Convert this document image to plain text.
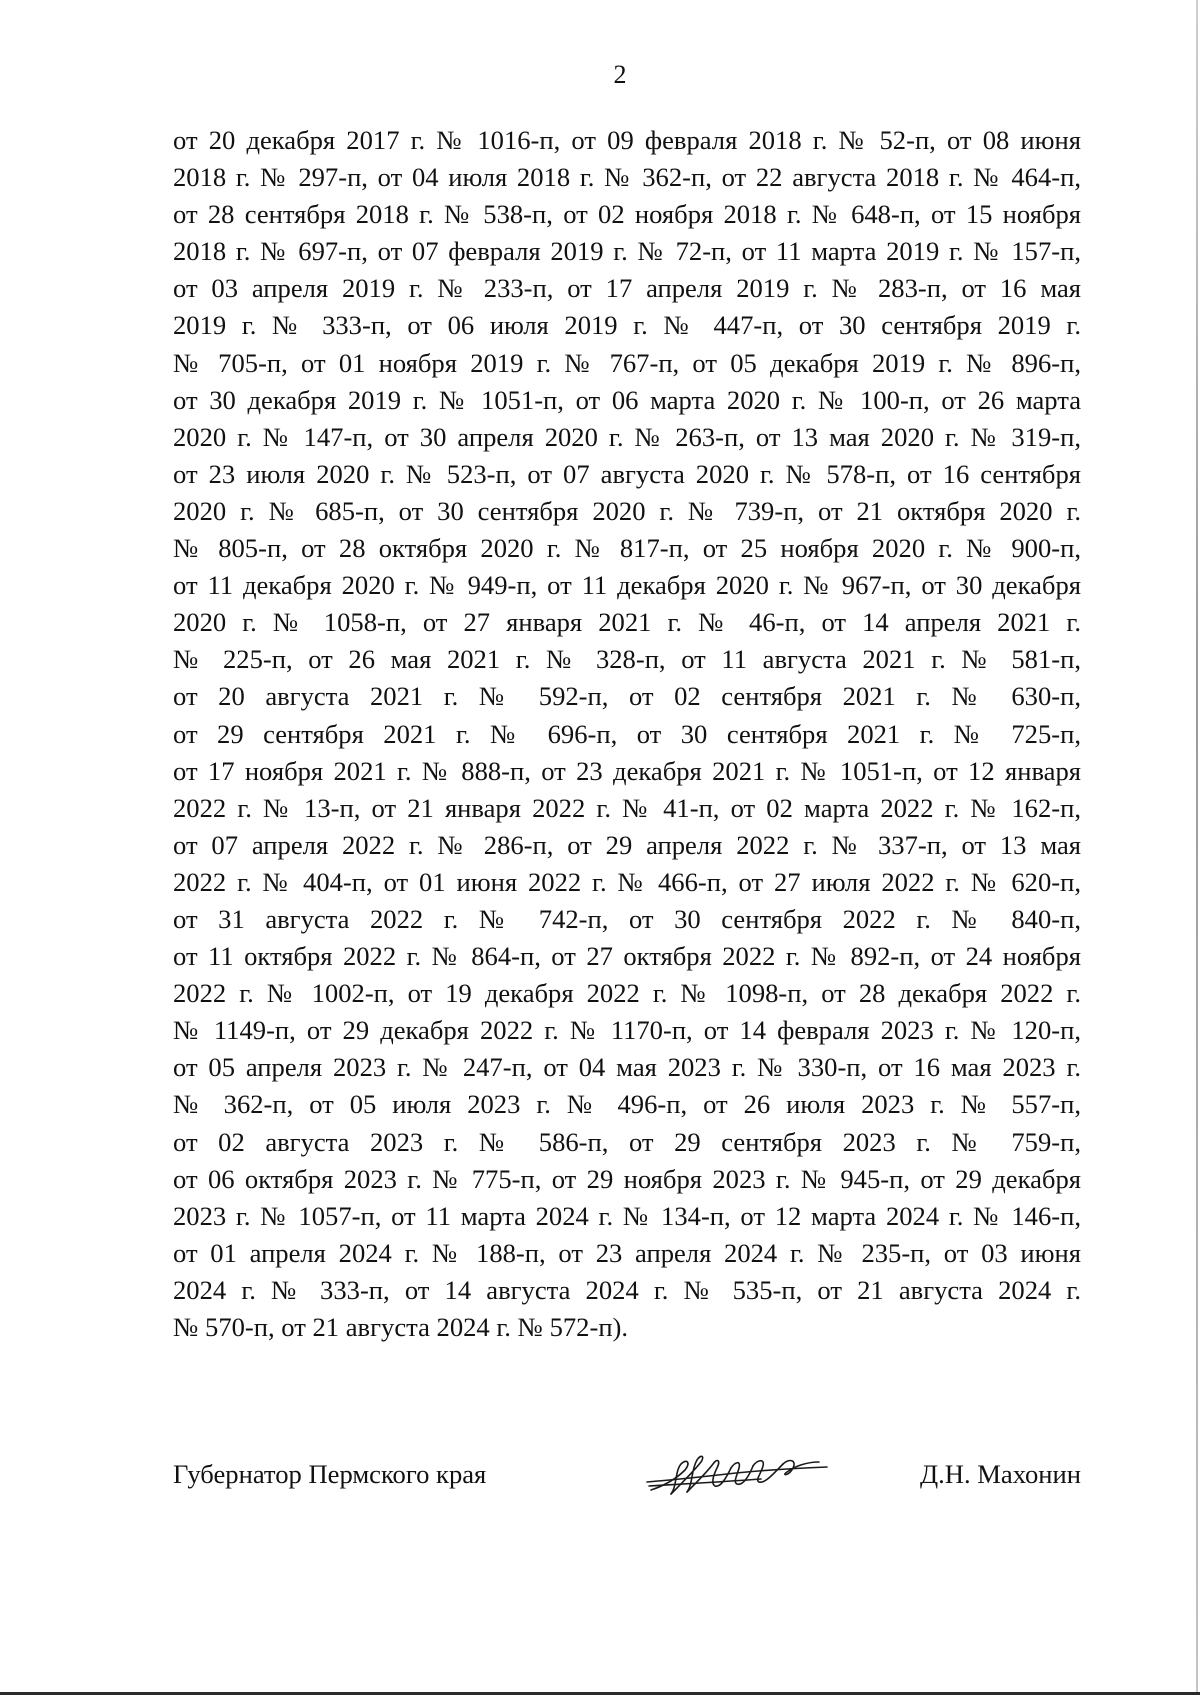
2
от 20 декабря 2017 г. № 1016-п, от 09 февраля 2018 г. № 52-п, от 08 июня
2018 г. № 297-п, от 04 июля 2018 г. № 362-п, от 22 августа 2018 г. № 464-п,
от 28 сентября 2018 г. № 538-п, от 02 ноября 2018 г. № 648-п, от 15 ноября
2018 г. № 697-п, от 07 февраля 2019 г. № 72-п, от 11 марта 2019 г. № 157-п,
от 03 апреля 2019 г. № 233-п, от 17 апреля 2019 г. № 283-п, от 16 мая
2019 г. № 333-п, от 06 июля 2019 г. № 447-п, от 30 сентября 2019 г.
№ 705-п, от 01 ноября 2019 г. № 767-п, от 05 декабря 2019 г. № 896-п,
от 30 декабря 2019 г. № 1051-п, от 06 марта 2020 г. № 100-п, от 26 марта
2020 г. № 147-п, от 30 апреля 2020 г. № 263-п, от 13 мая 2020 г. № 319-п,
от 23 июля 2020 г. № 523-п, от 07 августа 2020 г. № 578-п, от 16 сентября
2020 г. № 685-п, от 30 сентября 2020 г. № 739-п, от 21 октября 2020 г.
№ 805-п, от 28 октября 2020 г. № 817-п, от 25 ноября 2020 г. № 900-п,
от 11 декабря 2020 г. № 949-п, от 11 декабря 2020 г. № 967-п, от 30 декабря
2020 г. № 1058-п, от 27 января 2021 г. № 46-п, от 14 апреля 2021 г.
№ 225-п, от 26 мая 2021 г. № 328-п, от 11 августа 2021 г. № 581-п,
от 20 августа 2021 г. № 592-п, от 02 сентября 2021 г. № 630-п,
от 29 сентября 2021 г. № 696-п, от 30 сентября 2021 г. № 725-п,
от 17 ноября 2021 г. № 888-п, от 23 декабря 2021 г. № 1051-п, от 12 января
2022 г. № 13-п, от 21 января 2022 г. № 41-п, от 02 марта 2022 г. № 162-п,
от 07 апреля 2022 г. № 286-п, от 29 апреля 2022 г. № 337-п, от 13 мая
2022 г. № 404-п, от 01 июня 2022 г. № 466-п, от 27 июля 2022 г. № 620-п,
от 31 августа 2022 г. № 742-п, от 30 сентября 2022 г. № 840-п,
от 11 октября 2022 г. № 864-п, от 27 октября 2022 г. № 892-п, от 24 ноября
2022 г. № 1002-п, от 19 декабря 2022 г. № 1098-п, от 28 декабря 2022 г.
№ 1149-п, от 29 декабря 2022 г. № 1170-п, от 14 февраля 2023 г. № 120-п,
от 05 апреля 2023 г. № 247-п, от 04 мая 2023 г. № 330-п, от 16 мая 2023 г.
№ 362-п, от 05 июля 2023 г. № 496-п, от 26 июля 2023 г. № 557-п,
от 02 августа 2023 г. № 586-п, от 29 сентября 2023 г. № 759-п,
от 06 октября 2023 г. № 775-п, от 29 ноября 2023 г. № 945-п, от 29 декабря
2023 г. № 1057-п, от 11 марта 2024 г. № 134-п, от 12 марта 2024 г. № 146-п,
от 01 апреля 2024 г. № 188-п, от 23 апреля 2024 г. № 235-п, от 03 июня
2024 г. № 333-п, от 14 августа 2024 г. № 535-п, от 21 августа 2024 г.
№ 570-п, от 21 августа 2024 г. № 572-п).
Губернатор Пермского края	Д.Н. Махонин
